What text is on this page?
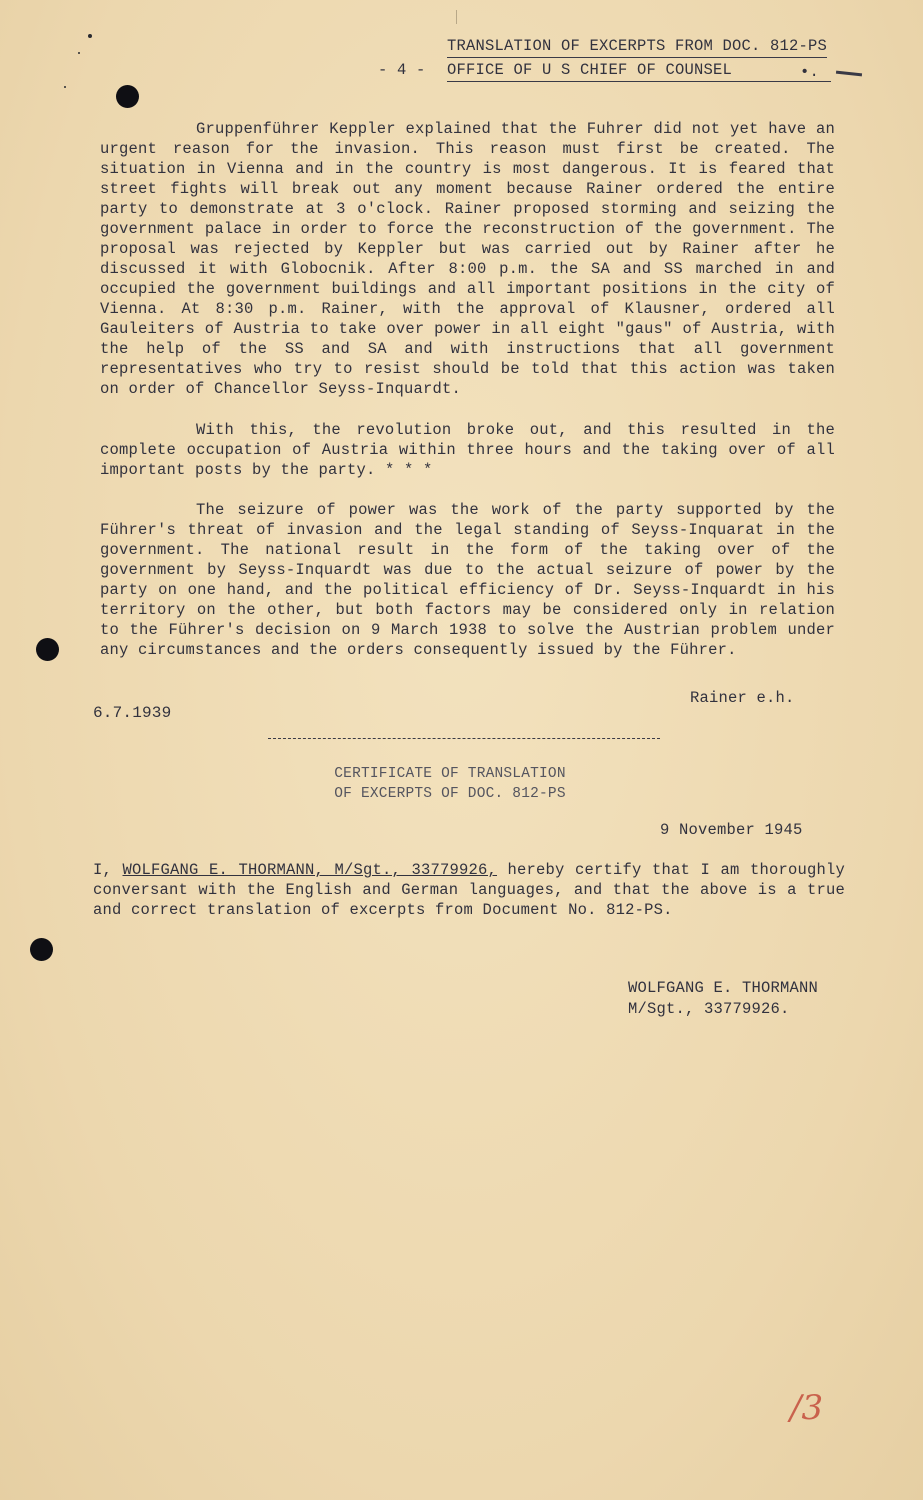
TRANSLATION OF EXCERPTS FROM DOC. 812-PS
- 4 - OFFICE OF U S CHIEF OF COUNSEL	•.
Gruppenführer Keppler explained that the Fuhrer did not yet have an urgent reason for the invasion. This reason must first be created. The situation in Vienna and in the country is most dangerous. It is feared that street fights will break out any moment because Rainer ordered the entire party to demonstrate at 3 o'clock. Rainer proposed storming and seizing the government palace in order to force the reconstruction of the government. The proposal was rejected by Keppler but was carried out by Rainer after he discussed it with Globocnik. After 8:00 p.m. the SA and SS marched in and occupied the government buildings and all important positions in the city of Vienna. At 8:30 p.m. Rainer, with the approval of Klausner, ordered all Gauleiters of Austria to take over power in all eight "gaus" of Austria, with the help of the SS and SA and with instructions that all government representatives who try to resist should be told that this action was taken on order of Chancellor Seyss-Inquardt.
With this, the revolution broke out, and this resulted in the complete occupation of Austria within three hours and the taking over of all important posts by the party. * * *
The seizure of power was the work of the party supported by the Führer's threat of invasion and the legal standing of Seyss-Inquarat in the government. The national result in the form of the taking over of the government by Seyss-Inquardt was due to the actual seizure of power by the party on one hand, and the political efficiency of Dr. Seyss-Inquardt in his territory on the other, but both factors may be considered only in relation to the Führer's decision on 9 March 1938 to solve the Austrian problem under any circumstances and the orders consequently issued by the Führer.
6.7.1939
Rainer e.h.
CERTIFICATE OF TRANSLATION
OF EXCERPTS OF DOC. 812-PS
9 November 1945
I, WOLFGANG E. THORMANN, M/Sgt., 33779926, hereby certify that I am thoroughly conversant with the English and German languages, and that the above is a true and correct translation of excerpts from Document No. 812-PS.
WOLFGANG E. THORMANN
M/Sgt., 33779926.
/3
